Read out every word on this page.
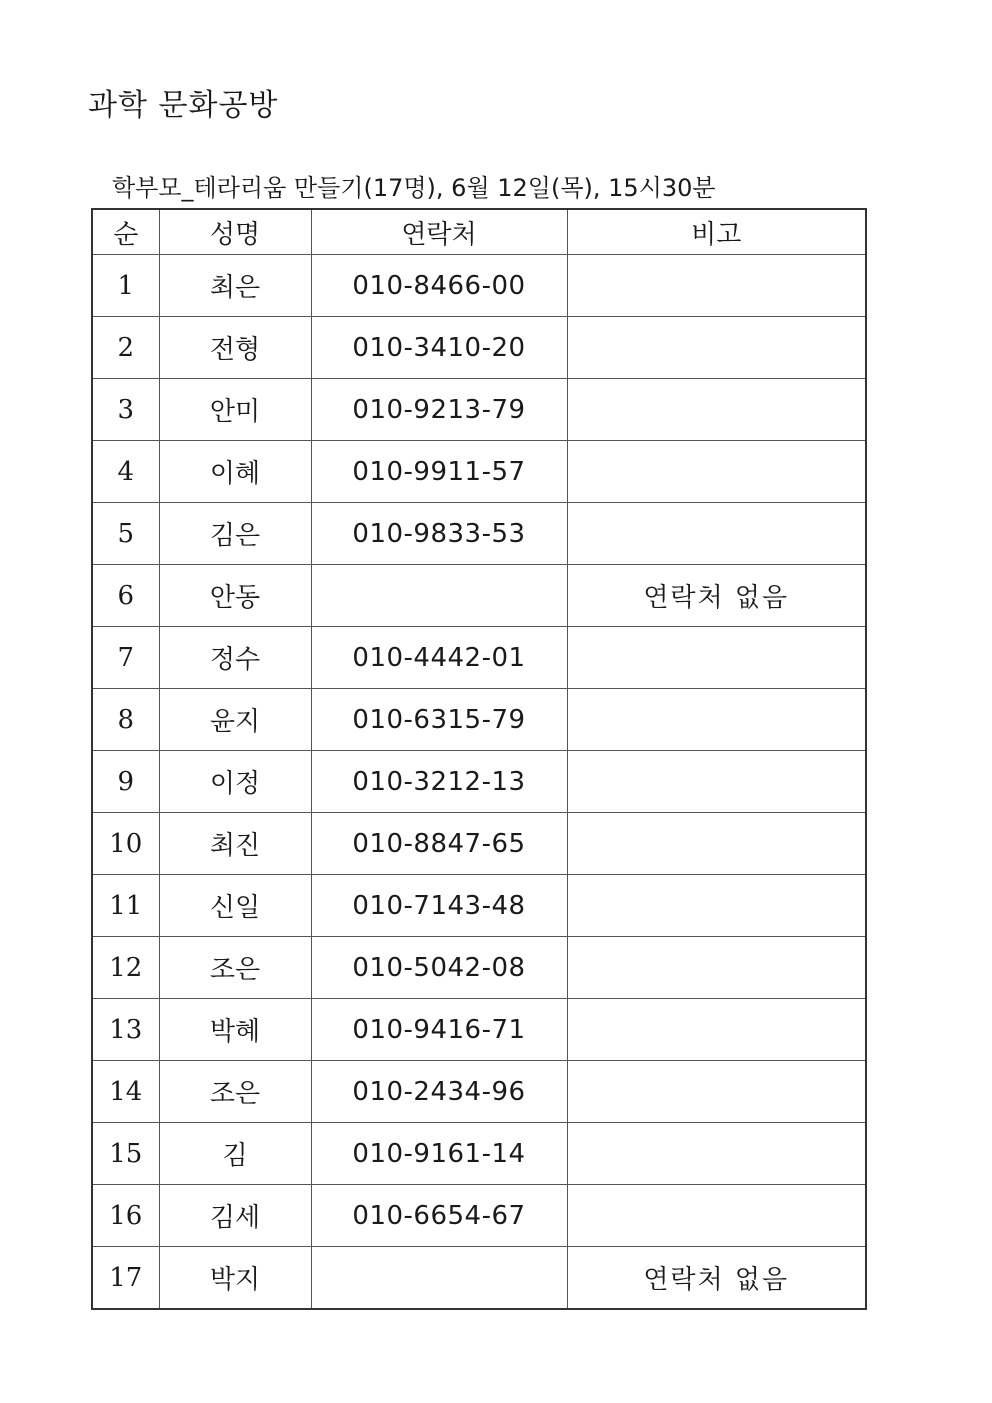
과학 문화공방
학부모_테라리움 만들기(17명), 6월 12일(목), 15시30분
순	성명	연락처	비고
1	최은	010-8466-00	
2	전형	010-3410-20	
3	안미	010-9213-79	
4	이혜	010-9911-57	
5	김은	010-9833-53	
6	안동		연락처 없음
7	정수	010-4442-01	
8	윤지	010-6315-79	
9	이정	010-3212-13	
10	최진	010-8847-65	
11	신일	010-7143-48	
12	조은	010-5042-08	
13	박혜	010-9416-71	
14	조은	010-2434-96	
15	김	010-9161-14	
16	김세	010-6654-67	
17	박지		연락처 없음
